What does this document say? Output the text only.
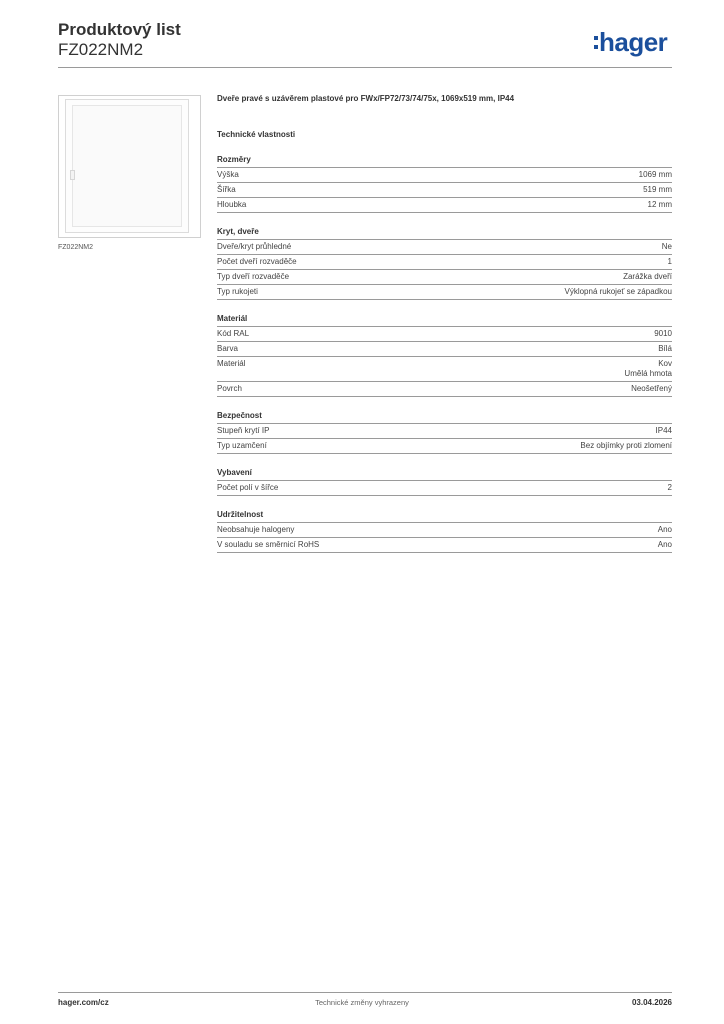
Produktový list
FZ022NM2	hager
FZ022NM2
Dveře pravé s uzávěrem plastové pro FWx/FP72/73/74/75x, 1069x519 mm, IP44
Technické vlastnosti
Rozměry
Výška	1069 mm
Šířka	519 mm
Hloubka	12 mm
Kryt, dveře
Dveře/kryt průhledné	Ne
Počet dveří rozvaděče	1
Typ dveří rozvaděče	Zarážka dveří
Typ rukojeti	Výklopná rukojeť se západkou
Materiál
Kód RAL	9010
Barva	Bílá
Materiál	Kov
Umělá hmota
Povrch	Neošetřený
Bezpečnost
Stupeň krytí IP	IP44
Typ uzamčení	Bez objímky proti zlomení
Vybavení
Počet polí v šířce	2
Udržitelnost
Neobsahuje halogeny	Ano
V souladu se směrnicí RoHS	Ano
hager.com/cz	Technické změny vyhrazeny	03.04.2026
